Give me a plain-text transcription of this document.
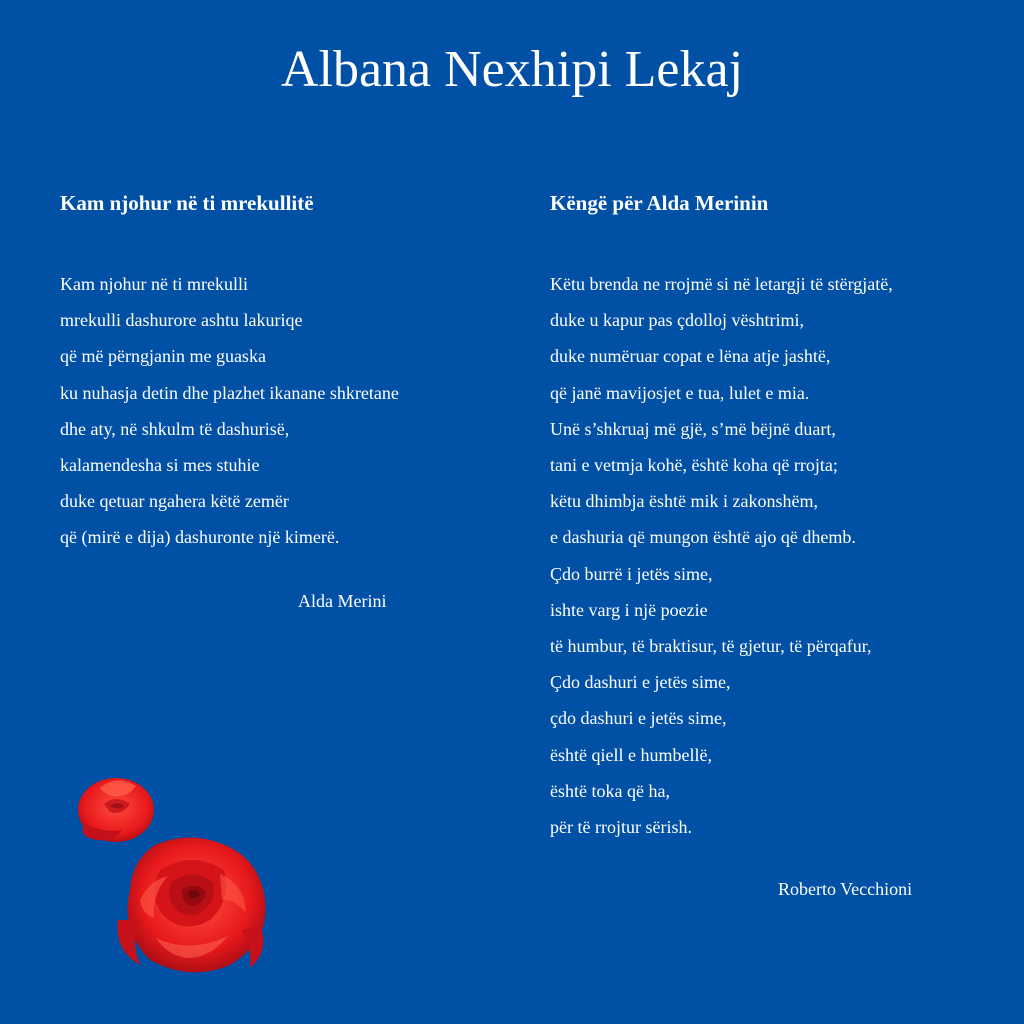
Albana Nexhipi Lekaj
Kam njohur në ti mrekullitë
Kam njohur në ti mrekulli
mrekulli dashurore ashtu lakuriqe
që më përngjanin me guaska
ku nuhasja detin dhe plazhet ikanane shkretane
dhe aty, në shkulm të dashurisë,
kalamendesha si mes stuhie
duke qetuar ngahera këtë zemër
që (mirë e dija) dashuronte një kimerë.
Alda Merini
Këngë për Alda Merinin
Këtu brenda ne rrojmë si në letargji të stërgjatë,
duke u kapur pas çdolloj vështrimi,
duke numëruar copat e lëna atje jashtë,
që janë mavijosjet e tua, lulet e mia.
Unë s’shkruaj më gjë, s’më bëjnë duart,
tani e vetmja kohë, është koha që rrojta;
këtu dhimbja është mik i zakonshëm,
e dashuria që mungon është ajo që dhemb.
Çdo burrë i jetës sime,
ishte varg i një poezie
të humbur, të braktisur, të gjetur, të përqafur,
Çdo dashuri e jetës sime,
çdo dashuri e jetës sime,
është qiell e humbellë,
është toka që ha,
për të rrojtur sërish.
Roberto Vecchioni
